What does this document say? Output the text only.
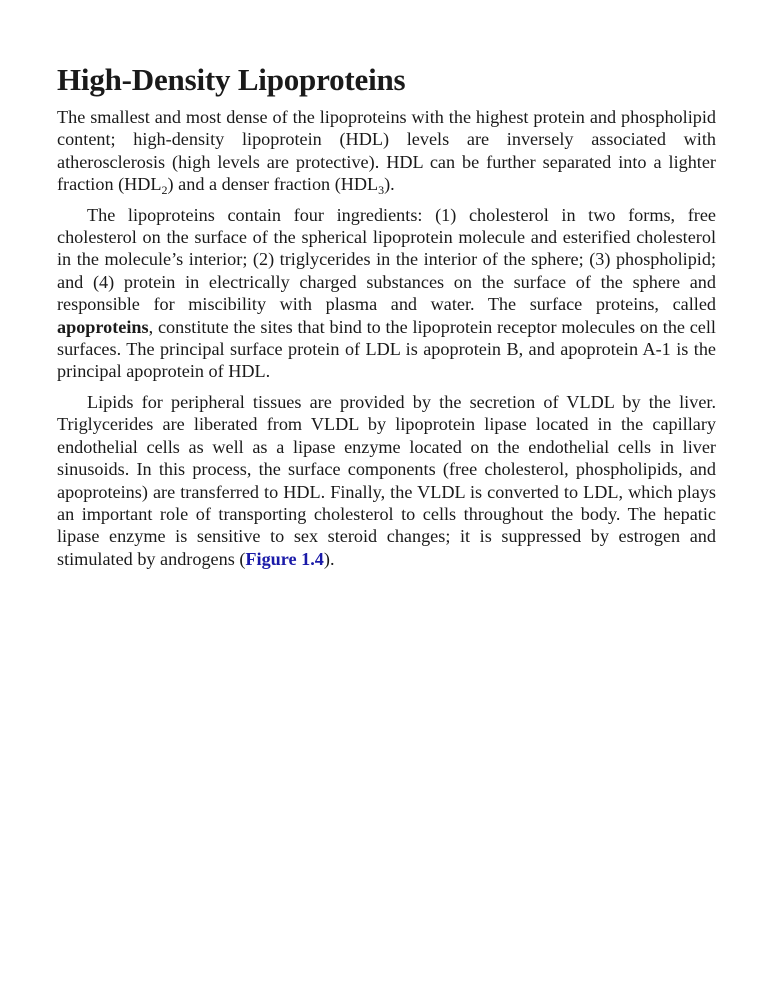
High-Density Lipoproteins

The smallest and most dense of the lipoproteins with the highest protein and phospholipid content; high-density lipoprotein (HDL) levels are inversely associated with atherosclerosis (high levels are protective). HDL can be further separated into a lighter fraction $(HDL_2)$ and a denser fraction $(HDL_3)$.

The lipoproteins contain four ingredients: (1) cholesterol in two forms, free cholesterol on the surface of the spherical lipoprotein molecule and esterified cholesterol in the molecule’s interior; (2) triglycerides in the interior of the sphere; (3) phospholipid; and (4) protein in electrically charged substances on the surface of the sphere and responsible for miscibility with plasma and water. The surface proteins, called apoproteins, constitute the sites that bind to the lipoprotein receptor molecules on the cell surfaces. The principal surface protein of LDL is apoprotein B, and apoprotein A-1 is the principal apoprotein of HDL.

Lipids for peripheral tissues are provided by the secretion of VLDL by the liver. Triglycerides are liberated from VLDL by lipoprotein lipase located in the capillary endothelial cells as well as a lipase enzyme located on the endothelial cells in liver sinusoids. In this process, the surface components (free cholesterol, phospholipids, and apoproteins) are transferred to HDL. Finally, the VLDL is converted to LDL, which plays an important role of transporting cholesterol to cells throughout the body. The hepatic lipase enzyme is sensitive to sex steroid changes; it is suppressed by estrogen and stimulated by androgens (Figure 1.4).
